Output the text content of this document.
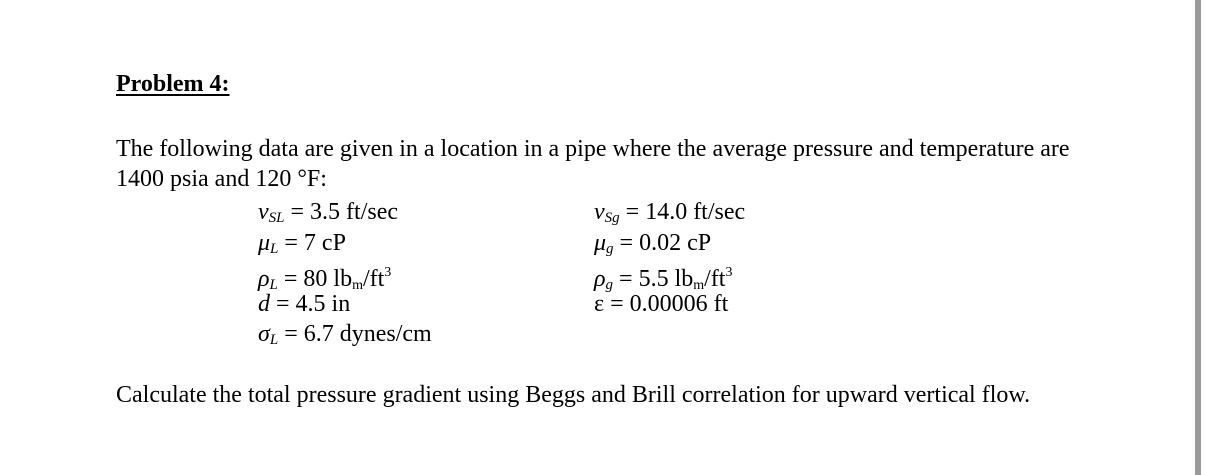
Problem 4:
The following data are given in a location in a pipe where the average pressure and temperature are 1400 psia and 120 °F:
vSL = 3.5 ft/sec
μL = 7 cP
ρL = 80 lbm/$ft^3$
d = 4.5 in
σL = 6.7 dynes/cm
vSg = 14.0 ft/sec
μg = 0.02 cP
ρg = 5.5 lbm/$ft^3$
ε = 0.00006 ft
Calculate the total pressure gradient using Beggs and Brill correlation for upward vertical flow.
